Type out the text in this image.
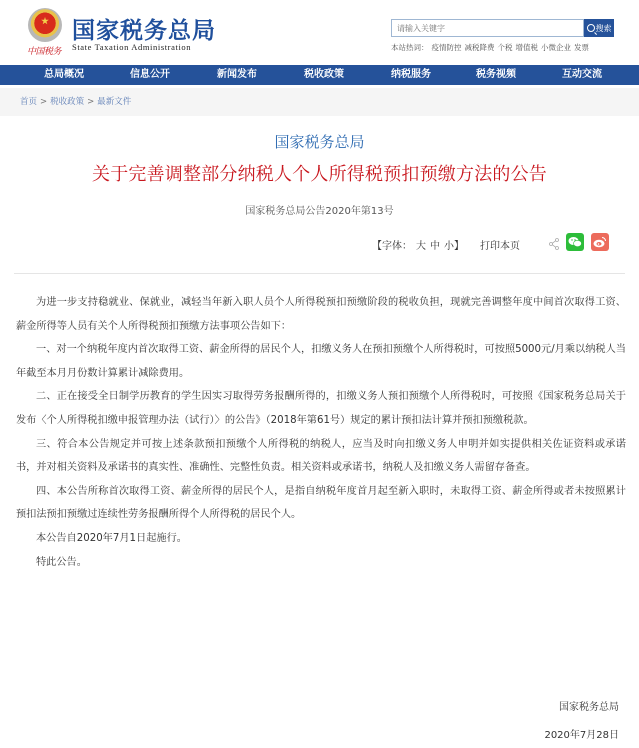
中国税务
国家税务总局
State Taxation Administration
请输入关键字
搜索
本站热词： 疫情防控 减税降费 个税 增值税 小微企业 发票
总局概况	信息公开	新闻发布	税收政策	纳税服务	税务视频	互动交流
首页 > 税收政策 > 最新文件
国家税务总局
关于完善调整部分纳税人个人所得税预扣预缴方法的公告
国家税务总局公告2020年第13号
【字体： 大 中 小】 打印本页

为进一步支持稳就业、保就业，减轻当年新入职人员个人所得税预扣预缴阶段的税收负担，现就完善调整年度中间首次取得工资、薪金所得等人员有关个人所得税预扣预缴方法事项公告如下：

一、对一个纳税年度内首次取得工资、薪金所得的居民个人，扣缴义务人在预扣预缴个人所得税时，可按照5000元/月乘以纳税人当年截至本月月份数计算累计减除费用。

二、正在接受全日制学历教育的学生因实习取得劳务报酬所得的，扣缴义务人预扣预缴个人所得税时，可按照《国家税务总局关于发布〈个人所得税扣缴申报管理办法（试行）〉的公告》（2018年第61号）规定的累计预扣法计算并预扣预缴税款。

三、符合本公告规定并可按上述条款预扣预缴个人所得税的纳税人，应当及时向扣缴义务人申明并如实提供相关佐证资料或承诺书，并对相关资料及承诺书的真实性、准确性、完整性负责。相关资料或承诺书，纳税人及扣缴义务人需留存备查。

四、本公告所称首次取得工资、薪金所得的居民个人，是指自纳税年度首月起至新入职时，未取得工资、薪金所得或者未按照累计预扣法预扣预缴过连续性劳务报酬所得个人所得税的居民个人。

本公告自2020年7月1日起施行。

特此公告。

国家税务总局
2020年7月28日
